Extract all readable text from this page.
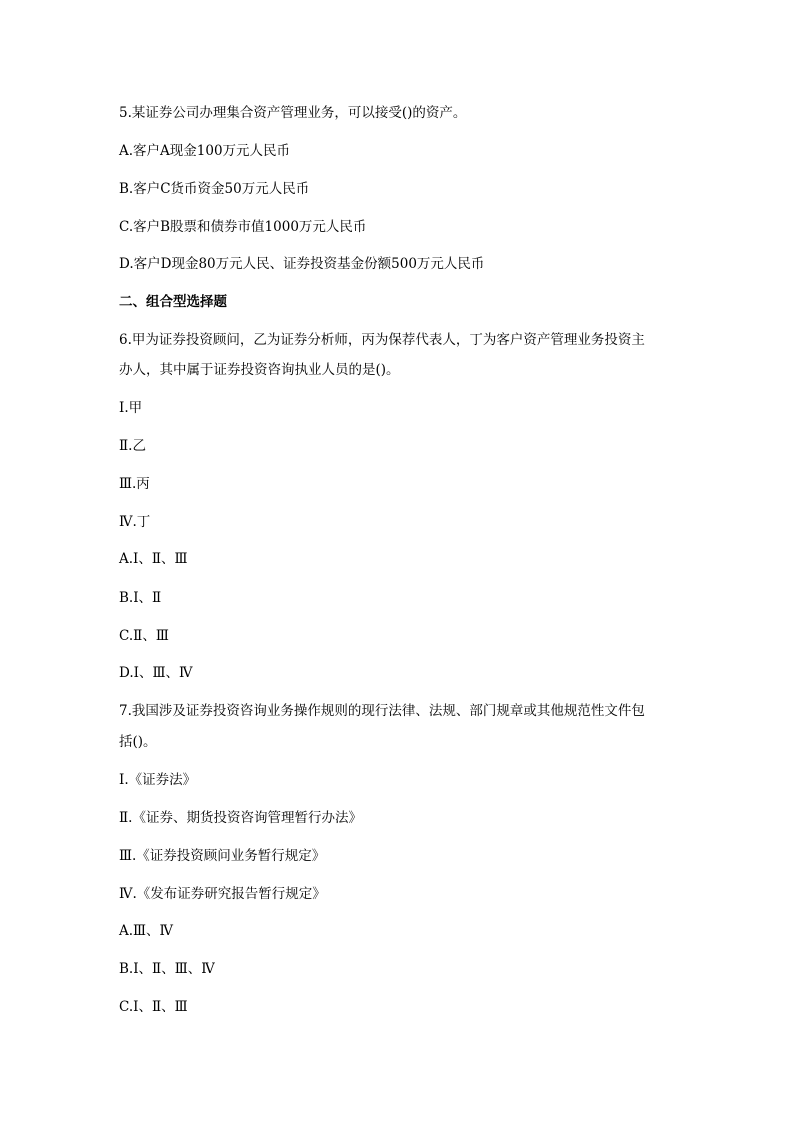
5.某证券公司办理集合资产管理业务，可以接受()的资产。
A.客户A现金100万元人民币
B.客户C货币资金50万元人民币
C.客户B股票和债券市值1000万元人民币
D.客户D现金80万元人民、证券投资基金份额500万元人民币
二、组合型选择题
6.甲为证券投资顾问，乙为证券分析师，丙为保荐代表人，丁为客户资产管理业务投资主
办人，其中属于证券投资咨询执业人员的是()。
Ⅰ.甲
Ⅱ.乙
Ⅲ.丙
Ⅳ.丁
A.Ⅰ、Ⅱ、Ⅲ
B.Ⅰ、Ⅱ
C.Ⅱ、Ⅲ
D.Ⅰ、Ⅲ、Ⅳ
7.我国涉及证券投资咨询业务操作规则的现行法律、法规、部门规章或其他规范性文件包
括()。
Ⅰ.《证券法》
Ⅱ.《证券、期货投资咨询管理暂行办法》
Ⅲ.《证券投资顾问业务暂行规定》
Ⅳ.《发布证券研究报告暂行规定》
A.Ⅲ、Ⅳ
B.Ⅰ、Ⅱ、Ⅲ、Ⅳ
C.Ⅰ、Ⅱ、Ⅲ
